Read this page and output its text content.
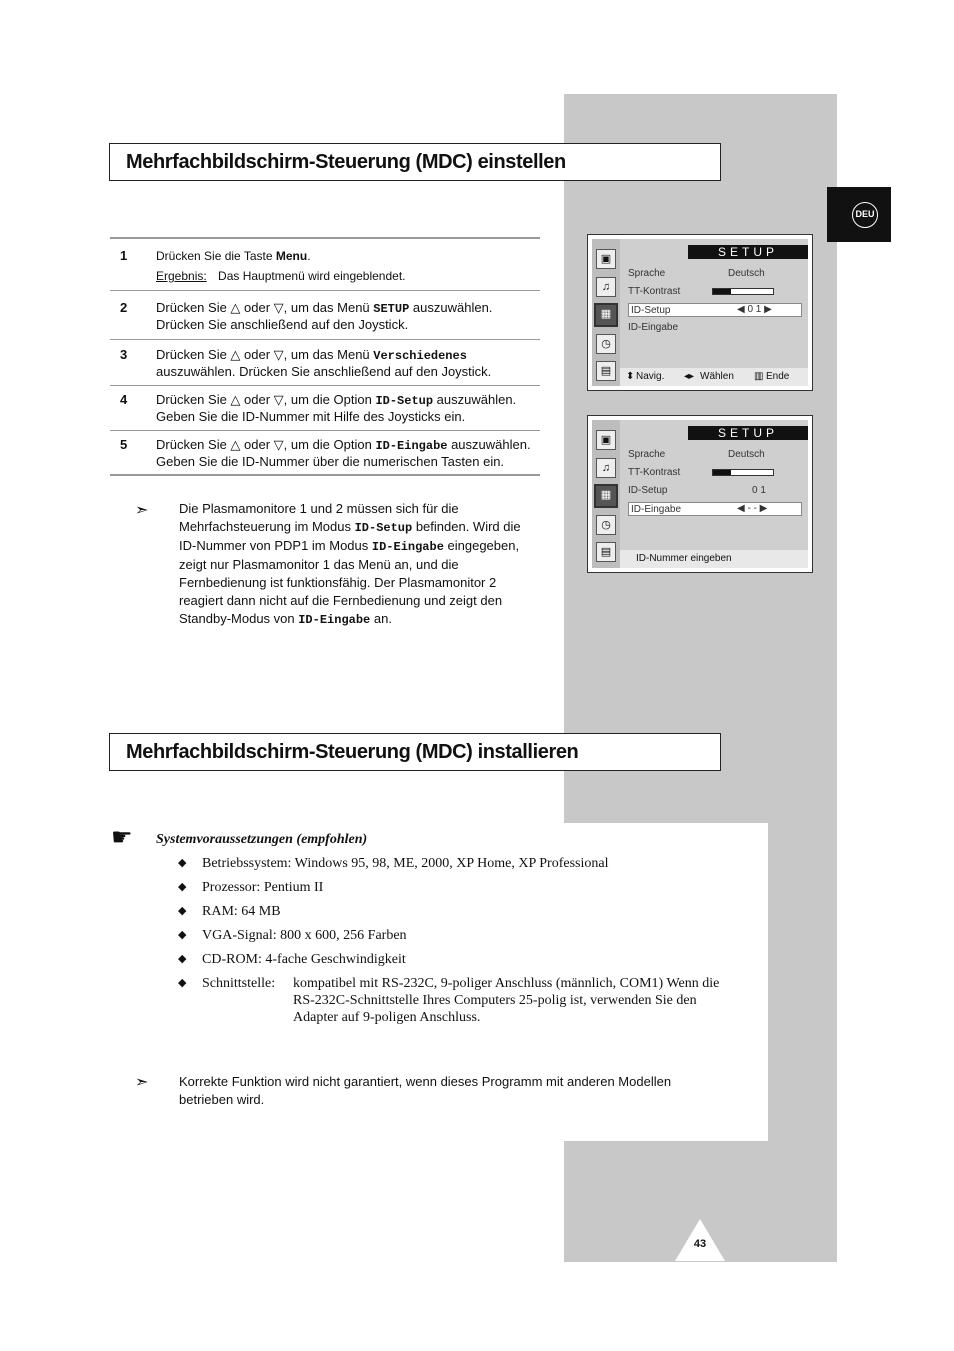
DEU
Mehrfachbildschirm-Steuerung (MDC) einstellen
1 Drücken Sie die Taste Menu.
Ergebnis: Das Hauptmenü wird eingeblendet.
2 Drücken Sie △ oder ▽, um das Menü SETUP auszuwählen. Drücken Sie anschließend auf den Joystick.
3 Drücken Sie △ oder ▽, um das Menü Verschiedenes auszuwählen. Drücken Sie anschließend auf den Joystick.
4 Drücken Sie △ oder ▽, um die Option ID-Setup auszuwählen. Geben Sie die ID-Nummer mit Hilfe des Joysticks ein.
5 Drücken Sie △ oder ▽, um die Option ID-Eingabe auszuwählen. Geben Sie die ID-Nummer über die numerischen Tasten ein.
➣ Die Plasmamonitore 1 und 2 müssen sich für die Mehrfachsteuerung im Modus ID-Setup befinden. Wird die ID-Nummer von PDP1 im Modus ID-Eingabe eingegeben, zeigt nur Plasmamonitor 1 das Menü an, und die Fernbedienung ist funktionsfähig. Der Plasmamonitor 2 reagiert dann nicht auf die Fernbedienung und zeigt den Standby-Modus von ID-Eingabe an.
▣
♫
▦
◷
▤
SETUP
Sprache	Deutsch
TT-Kontrast
ID-Setup	◀ 0 1 ▶
ID-Eingabe
⬍ Navig. ◂▸ Wählen ▥ Ende
▣
♫
▦
◷
▤
SETUP
Sprache	Deutsch
TT-Kontrast
ID-Setup	0 1
ID-Eingabe	◀ - - ▶
ID-Nummer eingeben
Mehrfachbildschirm-Steuerung (MDC) installieren
☛ Systemvoraussetzungen (empfohlen)
◆ Betriebssystem: Windows 95, 98, ME, 2000, XP Home, XP Professional
◆ Prozessor: Pentium II
◆ RAM: 64 MB
◆ VGA-Signal: 800 x 600, 256 Farben
◆ CD-ROM: 4-fache Geschwindigkeit
◆ Schnittstelle: kompatibel mit RS-232C, 9-poliger Anschluss (männlich, COM1) Wenn die RS-232C-Schnittstelle Ihres Computers 25-polig ist, verwenden Sie den Adapter auf 9-poligen Anschluss.
➣ Korrekte Funktion wird nicht garantiert, wenn dieses Programm mit anderen Modellen betrieben wird.
43
